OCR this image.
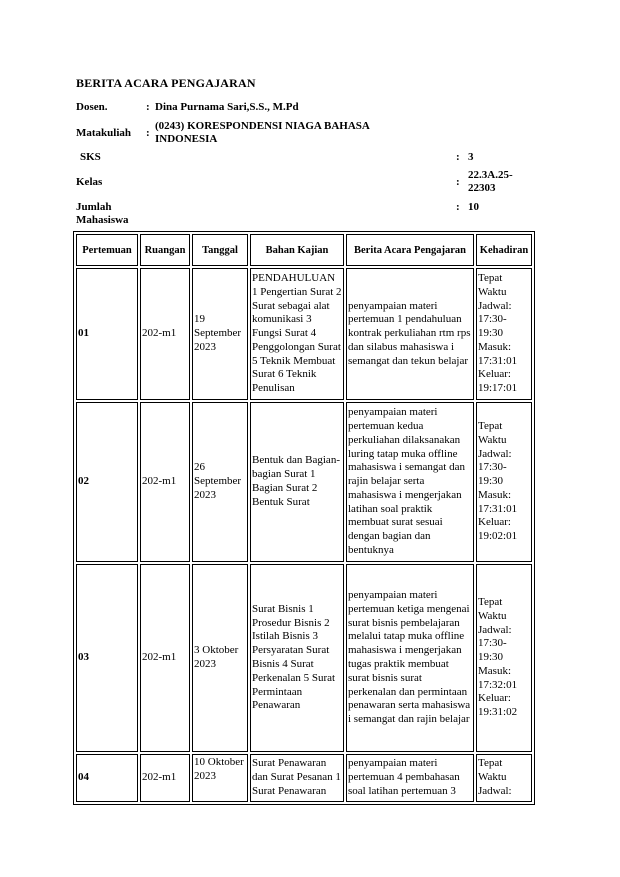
BERITA ACARA PENGAJARAN
Dosen.	: Dina Purnama Sari,S.S., M.Pd
Matakuliah :
(0243) KORESPONDENSI NIAGA BAHASA INDONESIA
SKS	: 3
Kelas	:
22.3A.25-22303
Jumlah Mahasiswa
: 10
Pertemuan	Ruangan	Tanggal	Bahan Kajian	Berita Acara Pengajaran	Kehadiran
01	202-m1	19 September 2023	PENDAHULUAN 1 Pengertian Surat 2 Surat sebagai alat komunikasi 3 Fungsi Surat 4 Penggolongan Surat 5 Teknik Membuat Surat 6 Teknik Penulisan	penyampaian materi pertemuan 1 pendahuluan kontrak perkuliahan rtm rps dan silabus mahasiswa i semangat dan tekun belajar	Tepat Waktu Jadwal: 17:30-19:30 Masuk: 17:31:01 Keluar: 19:17:01
02	202-m1	26 September 2023	Bentuk dan Bagian-bagian Surat 1 Bagian Surat 2 Bentuk Surat	penyampaian materi pertemuan kedua perkuliahan dilaksanakan luring tatap muka offline mahasiswa i semangat dan rajin belajar serta mahasiswa i mengerjakan latihan soal praktik membuat surat sesuai dengan bagian dan bentuknya	Tepat Waktu Jadwal: 17:30-19:30 Masuk: 17:31:01 Keluar: 19:02:01
03	202-m1	3 Oktober 2023	Surat Bisnis 1 Prosedur Bisnis 2 Istilah Bisnis 3 Persyaratan Surat Bisnis 4 Surat Perkenalan 5 Surat Permintaan Penawaran	penyampaian materi pertemuan ketiga mengenai surat bisnis pembelajaran melalui tatap muka offline mahasiswa i mengerjakan tugas praktik membuat surat bisnis surat perkenalan dan permintaan penawaran serta mahasiswa i semangat dan rajin belajar	Tepat Waktu Jadwal: 17:30-19:30 Masuk: 17:32:01 Keluar: 19:31:02
04	202-m1	10 Oktober 2023	Surat Penawaran dan Surat Pesanan 1 Surat Penawaran	penyampaian materi pertemuan 4 pembahasan soal latihan pertemuan 3	Tepat Waktu Jadwal:
